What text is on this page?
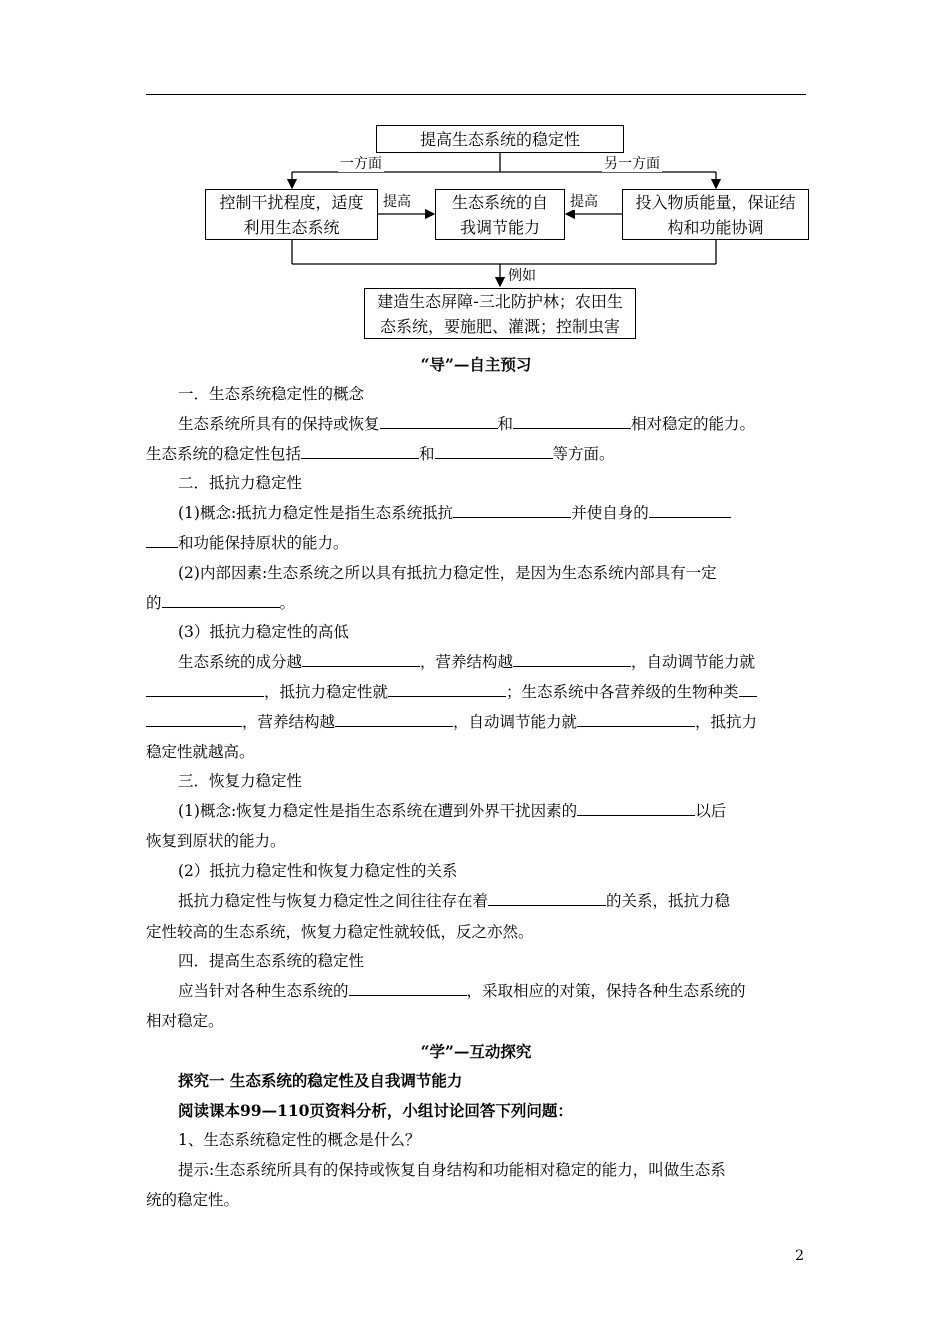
提高生态系统的稳定性
一方面	另一方面
控制干扰程度，适度
利用生态系统
提高	生态系统的自
我调节能力
提高 投入物质能量，保证结
构和功能协调
例如
建造生态屏障-三北防护林；农田生
态系统，要施肥、灌溉；控制虫害
“导”—自主预习
一．生态系统稳定性的概念
生态系统所具有的保持或恢复	和	相对稳定的能力。
生态系统的稳定性包括	和	等方面。
二．抵抗力稳定性
(1)概念:抵抗力稳定性是指生态系统抵抗	并使自身的
和功能保持原状的能力。
(2)内部因素:生态系统之所以具有抵抗力稳定性，是因为生态系统内部具有一定
的	。
(3）抵抗力稳定性的高低
生态系统的成分越	，营养结构越	，自动调节能力就
，抵抗力稳定性就	；生态系统中各营养级的生物种类
，营养结构越	，自动调节能力就	，抵抗力
稳定性就越高。
三．恢复力稳定性
(1)概念:恢复力稳定性是指生态系统在遭到外界干扰因素的	以后
恢复到原状的能力。
(2）抵抗力稳定性和恢复力稳定性的关系
抵抗力稳定性与恢复力稳定性之间往往存在着	的关系，抵抗力稳
定性较高的生态系统，恢复力稳定性就较低，反之亦然。
四．提高生态系统的稳定性
应当针对各种生态系统的	，采取相应的对策，保持各种生态系统的
相对稳定。
“学”—互动探究
探究一 生态系统的稳定性及自我调节能力
阅读课本99—110页资料分析，小组讨论回答下列问题：
1、生态系统稳定性的概念是什么？
提示:生态系统所具有的保持或恢复自身结构和功能相对稳定的能力，叫做生态系
统的稳定性。
2
